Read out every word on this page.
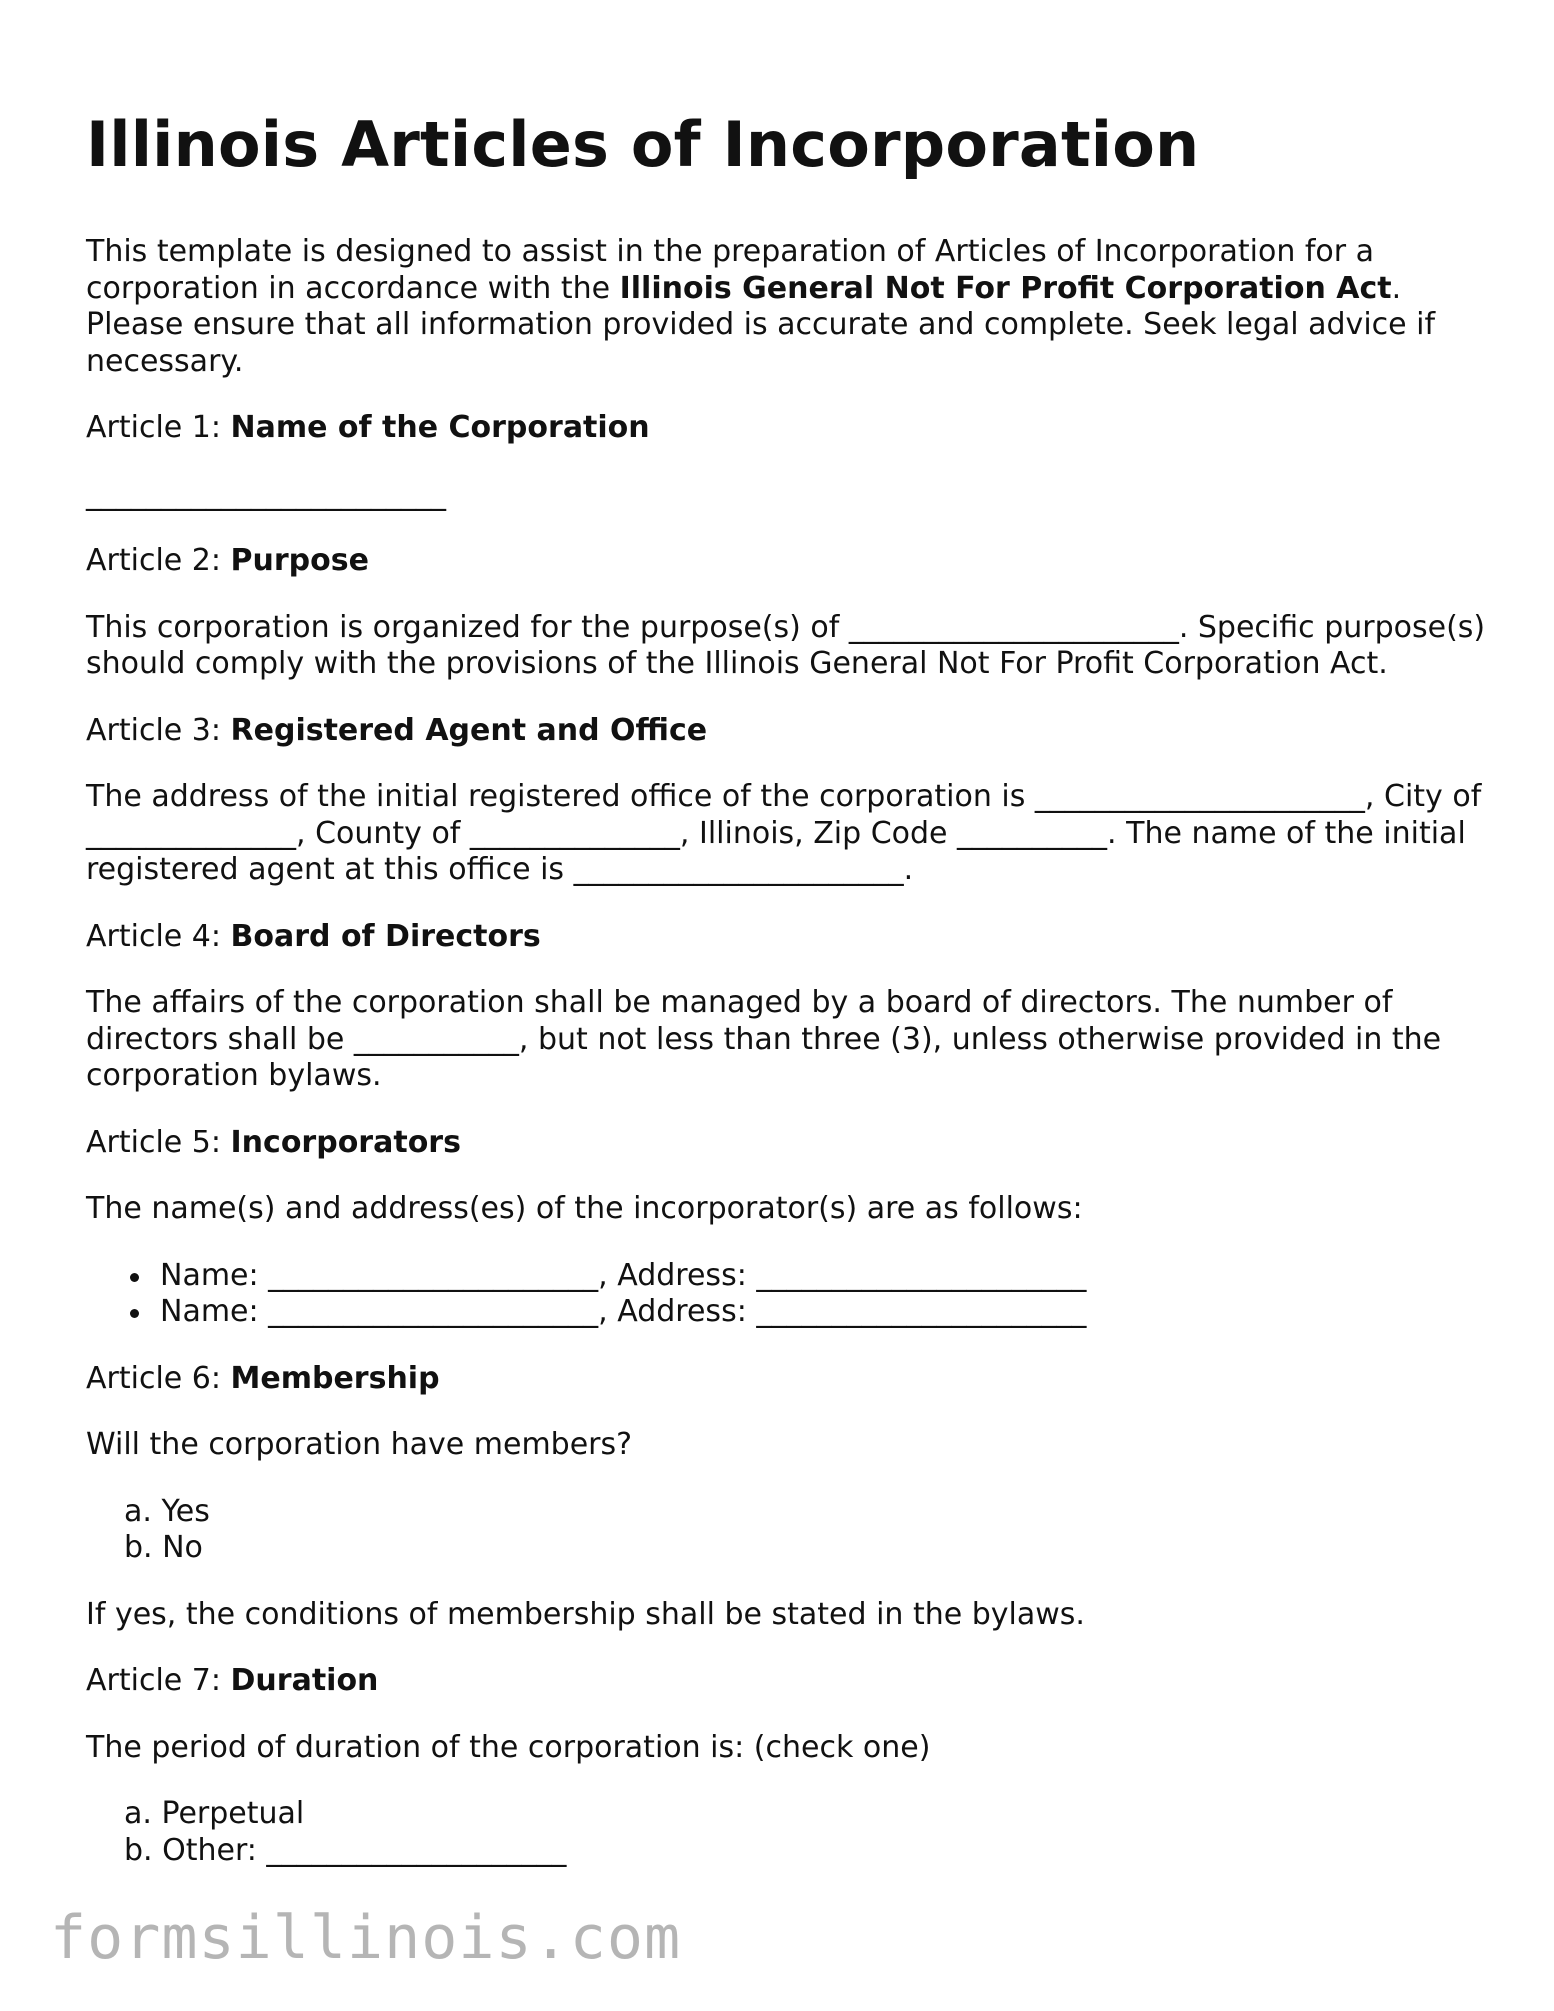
Illinois Articles of Incorporation

This template is designed to assist in the preparation of Articles of Incorporation for a corporation in accordance with the Illinois General Not For Profit Corporation Act. Please ensure that all information provided is accurate and complete. Seek legal advice if necessary.

Article 1: Name of the Corporation

________________________

Article 2: Purpose

This corporation is organized for the purpose(s) of ______________________. Specific purpose(s) should comply with the provisions of the Illinois General Not For Profit Corporation Act.

Article 3: Registered Agent and Office

The address of the initial registered office of the corporation is ______________________, City of ______________, County of ______________, Illinois, Zip Code __________. The name of the initial registered agent at this office is ______________________.

Article 4: Board of Directors

The affairs of the corporation shall be managed by a board of directors. The number of directors shall be ___________, but not less than three (3), unless otherwise provided in the corporation bylaws.

Article 5: Incorporators

The name(s) and address(es) of the incorporator(s) are as follows:

Name: ______________________, Address: ______________________
Name: ______________________, Address: ______________________

Article 6: Membership

Will the corporation have members?

a. Yes
b. No

If yes, the conditions of membership shall be stated in the bylaws.

Article 7: Duration

The period of duration of the corporation is: (check one)

a. Perpetual
b. Other: ____________________
formsillinois.com
